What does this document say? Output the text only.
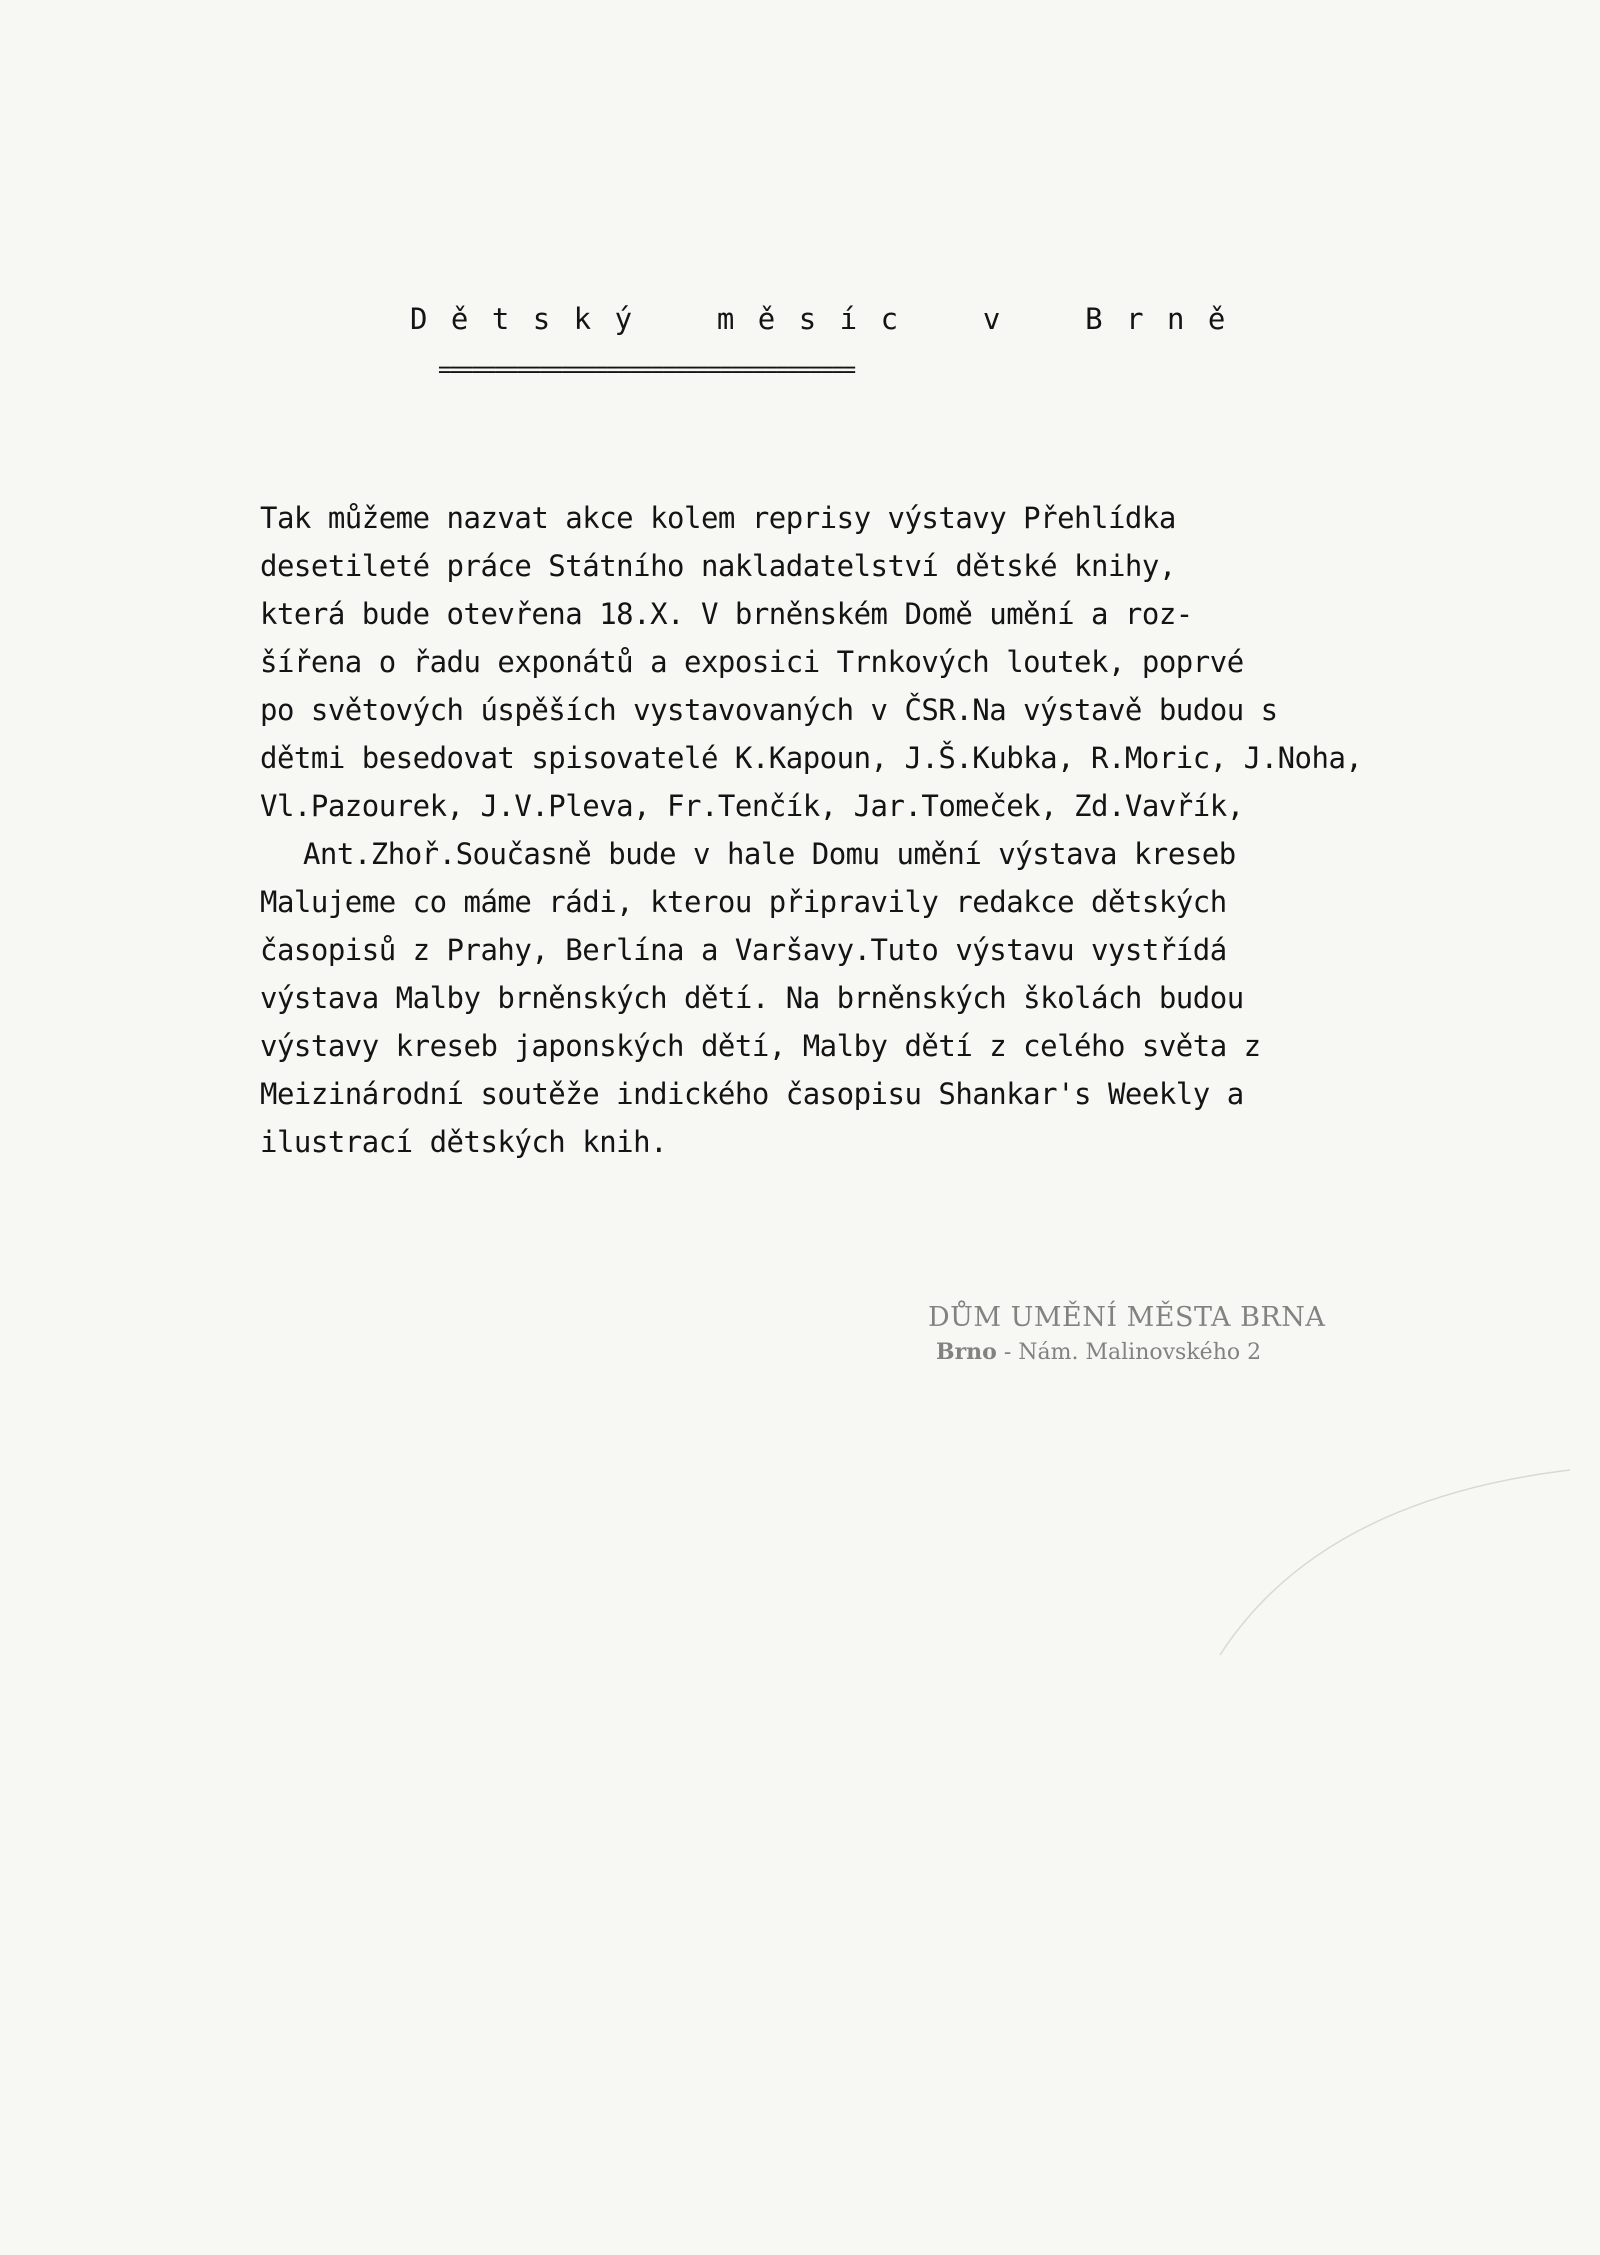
D ě t s k ý    m ě s í c    v    B r n ě
=====================================
Tak můžeme nazvat akce kolem reprisy výstavy Přehlídka
desetileté práce Státního nakladatelství dětské knihy,
která bude otevřena 18.X. V brněnském Domě umění a roz-
šířena o řadu exponátů a exposici Trnkových loutek, poprvé
po světových úspěších vystavovaných v ČSR.Na výstavě budou s
dětmi besedovat spisovatelé K.Kapoun, J.Š.Kubka, R.Moric, J.Noha,
Vl.Pazourek, J.V.Pleva, Fr.Tenčík, Jar.Tomeček, Zd.Vavřík,
Ant.Zhoř.Současně bude v hale Domu umění výstava kreseb
Malujeme co máme rádi, kterou připravily redakce dětských
časopisů z Prahy, Berlína a Varšavy.Tuto výstavu vystřídá
výstava Malby brněnských dětí. Na brněnských školách budou
výstavy kreseb japonských dětí, Malby dětí z celého světa z
Meizinárodní soutěže indického časopisu Shankar's Weekly a
ilustrací dětských knih.
DŮM UMĚNÍ MĚSTA BRNA
Brno - Nám. Malinovského 2
